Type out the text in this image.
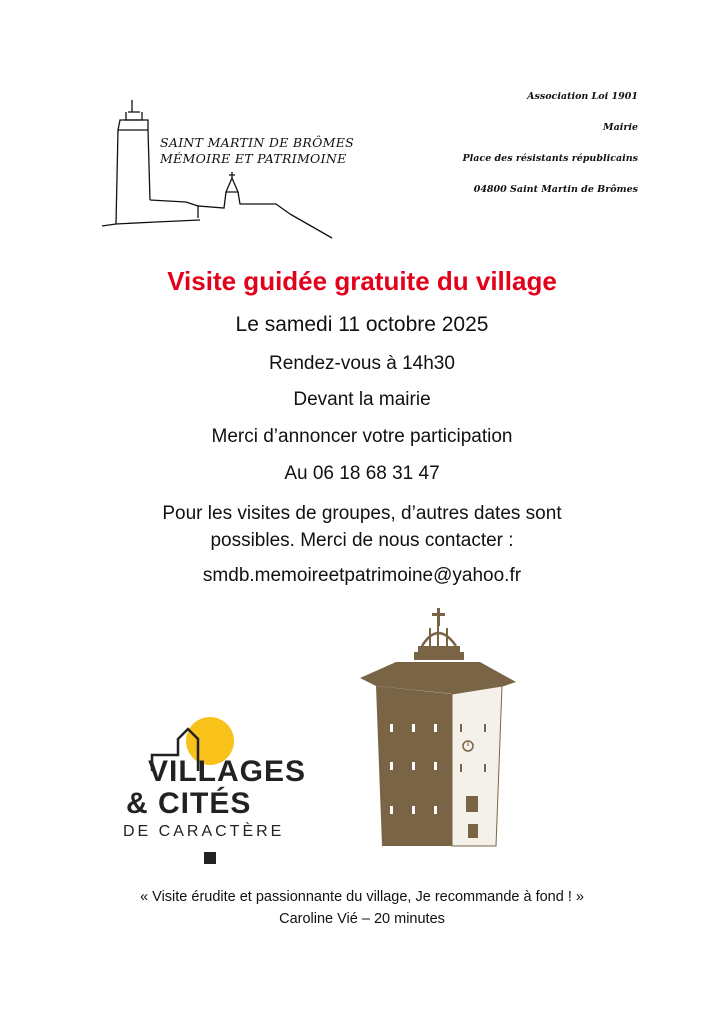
SAINT MARTIN DE BRÔMES
MÉMOIRE ET PATRIMOINE
Association Loi 1901
Mairie
Place des résistants républicains
04800 Saint Martin de Brômes
Visite guidée gratuite du village
Le samedi 11 octobre 2025
Rendez-vous à 14h30
Devant la mairie
Merci d’annoncer votre participation
Au 06 18 68 31 47
Pour les visites de groupes, d’autres dates sont
possibles. Merci de nous contacter :
smdb.memoireetpatrimoine@yahoo.fr
VILLAGES
& CITÉS
DE CARACTÈRE
« Visite érudite et passionnante du village, Je recommande à fond ! »
Caroline Vié – 20 minutes
